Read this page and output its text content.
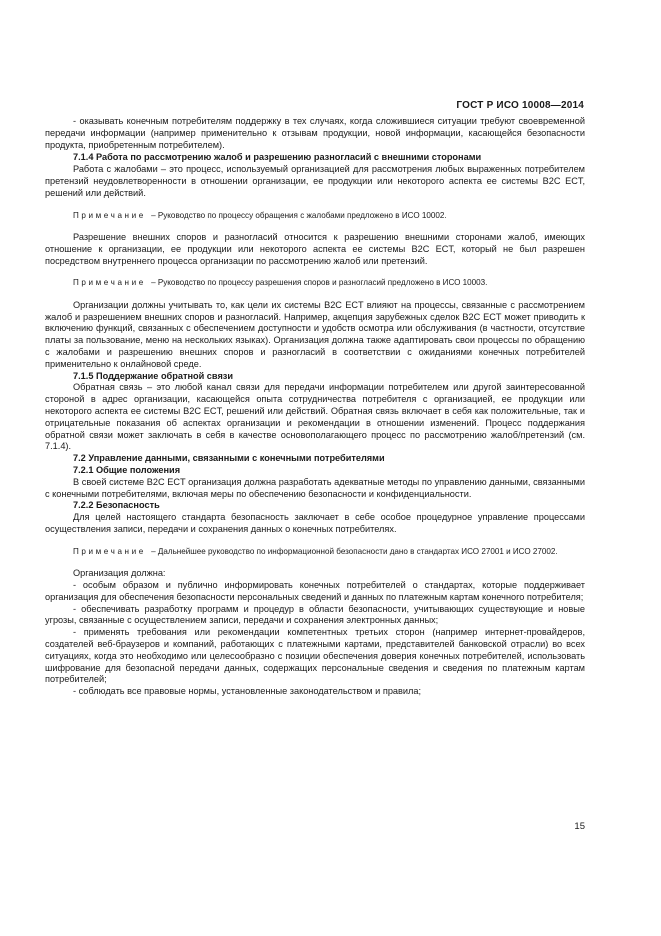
ГОСТ Р ИСО 10008—2014

- оказывать конечным потребителям поддержку в тех случаях, когда сложившиеся ситуации требуют своевременной передачи информации (например применительно к отзывам продукции, новой информации, касающейся безопасности продукта, приобретенным потребителем).

7.1.4 Работа по рассмотрению жалоб и разрешению разногласий с внешними сторонами

Работа с жалобами – это процесс, используемый организацией для рассмотрения любых выраженных потребителем претензий неудовлетворенности в отношении организации, ее продукции или некоторого аспекта ее системы B2C ECT, решений или действий.

Примечание – Руководство по процессу обращения с жалобами предложено в ИСО 10002.

Разрешение внешних споров и разногласий относится к разрешению внешними сторонами жалоб, имеющих отношение к организации, ее продукции или некоторого аспекта ее системы B2C ECT, который не был разрешен посредством внутреннего процесса организации по рассмотрению жалоб или претензий.

Примечание – Руководство по процессу разрешения споров и разногласий предложено в ИСО 10003.

Организации должны учитывать то, как цели их системы B2C ECT влияют на процессы, связанные с рассмотрением жалоб и разрешением внешних споров и разногласий. Например, акцепция зарубежных сделок B2C ECT может приводить к включению функций, связанных с обеспечением доступности и удобств осмотра или обслуживания (в частности, отсутствие платы за пользование, меню на нескольких языках). Организация должна также адаптировать свои процессы по обращению с жалобами и разрешению внешних споров и разногласий в соответствии с ожиданиями конечных потребителей применительно к онлайновой среде.

7.1.5 Поддержание обратной связи

Обратная связь – это любой канал связи для передачи информации потребителем или другой заинтересованной стороной в адрес организации, касающейся опыта сотрудничества потребителя с организацией, ее продукции или некоторого аспекта ее системы B2C ECT, решений или действий. Обратная связь включает в себя как положительные, так и отрицательные показания об аспектах организации и рекомендации в отношении изменений. Процесс поддержания обратной связи может заключать в себя в качестве основополагающего процесс по рассмотрению жалоб/претензий (см. 7.1.4).

7.2 Управление данными, связанными с конечными потребителями

7.2.1 Общие положения

В своей системе B2C ECT организация должна разработать адекватные методы по управлению данными, связанными с конечными потребителями, включая меры по обеспечению безопасности и конфиденциальности.

7.2.2 Безопасность

Для целей настоящего стандарта безопасность заключает в себе особое процедурное управление процессами осуществления записи, передачи и сохранения данных о конечных потребителях.

Примечание – Дальнейшее руководство по информационной безопасности дано в стандартах ИСО 27001 и ИСО 27002.

Организация должна:

- особым образом и публично информировать конечных потребителей о стандартах, которые поддерживает организация для обеспечения безопасности персональных сведений и данных по платежным картам конечного потребителя;

- обеспечивать разработку программ и процедур в области безопасности, учитывающих существующие и новые угрозы, связанные с осуществлением записи, передачи и сохранения электронных данных;

- применять требования или рекомендации компетентных третьих сторон (например интернет-провайдеров, создателей веб-браузеров и компаний, работающих с платежными картами, представителей банковской отрасли) во всех ситуациях, когда это необходимо или целесообразно с позиции обеспечения доверия конечных потребителей, использовать шифрование для безопасной передачи данных, содержащих персональные сведения и сведения по платежным картам потребителей;

- соблюдать все правовые нормы, установленные законодательством и правила;

15
